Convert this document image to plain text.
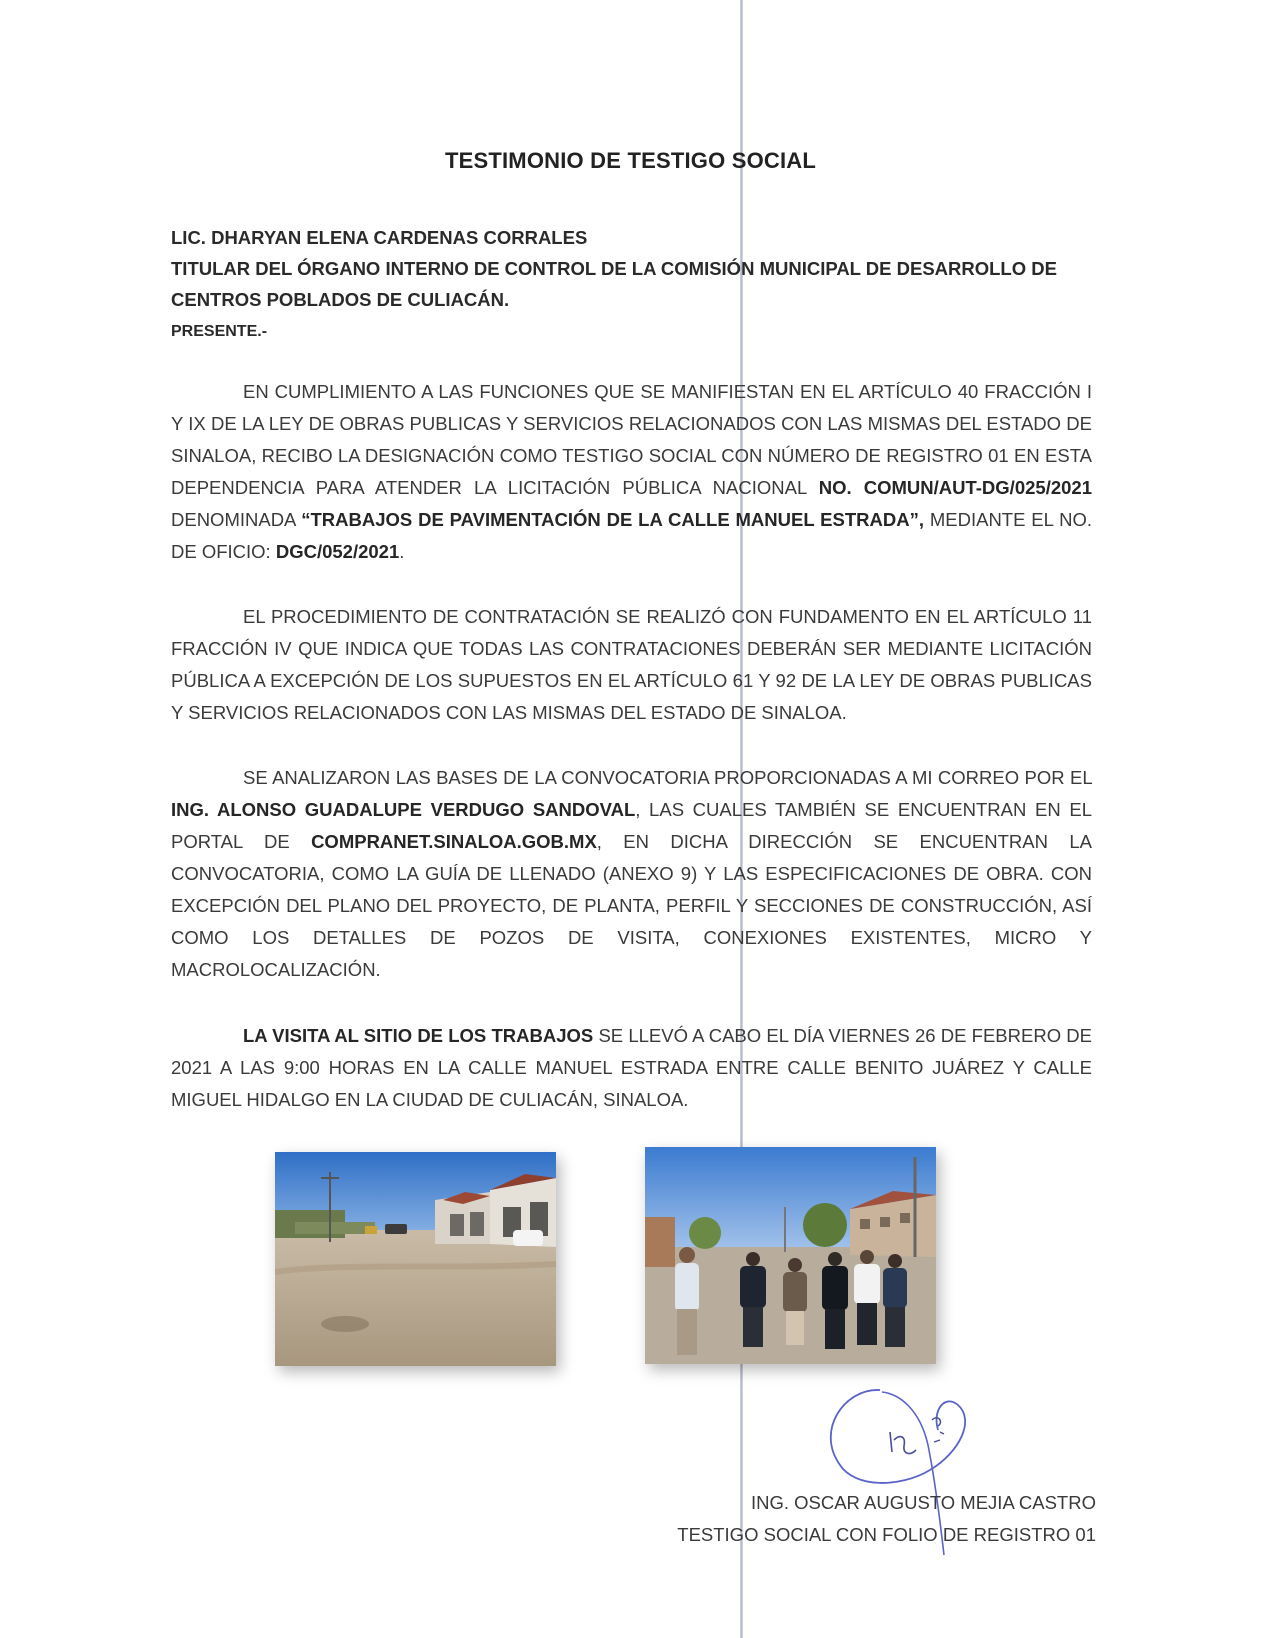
TESTIMONIO DE TESTIGO SOCIAL
LIC. DHARYAN ELENA CARDENAS CORRALES
TITULAR DEL ÓRGANO INTERNO DE CONTROL DE LA COMISIÓN MUNICIPAL DE DESARROLLO DE CENTROS POBLADOS DE CULIACÁN.
PRESENTE.-
EN CUMPLIMIENTO A LAS FUNCIONES QUE SE MANIFIESTAN EN EL ARTÍCULO 40 FRACCIÓN I Y IX DE LA LEY DE OBRAS PUBLICAS Y SERVICIOS RELACIONADOS CON LAS MISMAS DEL ESTADO DE SINALOA, RECIBO LA DESIGNACIÓN COMO TESTIGO SOCIAL CON NÚMERO DE REGISTRO 01 EN ESTA DEPENDENCIA PARA ATENDER LA LICITACIÓN PÚBLICA NACIONAL NO. COMUN/AUT-DG/025/2021 DENOMINADA “TRABAJOS DE PAVIMENTACIÓN DE LA CALLE MANUEL ESTRADA”, MEDIANTE EL NO. DE OFICIO: DGC/052/2021.
EL PROCEDIMIENTO DE CONTRATACIÓN SE REALIZÓ CON FUNDAMENTO EN EL ARTÍCULO 11 FRACCIÓN IV QUE INDICA QUE TODAS LAS CONTRATACIONES DEBERÁN SER MEDIANTE LICITACIÓN PÚBLICA A EXCEPCIÓN DE LOS SUPUESTOS EN EL ARTÍCULO 61 Y 92 DE LA LEY DE OBRAS PUBLICAS Y SERVICIOS RELACIONADOS CON LAS MISMAS DEL ESTADO DE SINALOA.
SE ANALIZARON LAS BASES DE LA CONVOCATORIA PROPORCIONADAS A MI CORREO POR EL ING. ALONSO GUADALUPE VERDUGO SANDOVAL, LAS CUALES TAMBIÉN SE ENCUENTRAN EN EL PORTAL DE COMPRANET.SINALOA.GOB.MX, EN DICHA DIRECCIÓN SE ENCUENTRAN LA CONVOCATORIA, COMO LA GUÍA DE LLENADO (ANEXO 9) Y LAS ESPECIFICACIONES DE OBRA. CON EXCEPCIÓN DEL PLANO DEL PROYECTO, DE PLANTA, PERFIL Y SECCIONES DE CONSTRUCCIÓN, ASÍ COMO LOS DETALLES DE POZOS DE VISITA, CONEXIONES EXISTENTES, MICRO Y MACROLOCALIZACIÓN.
LA VISITA AL SITIO DE LOS TRABAJOS SE LLEVÓ A CABO EL DÍA VIERNES 26 DE FEBRERO DE 2021 A LAS 9:00 HORAS EN LA CALLE MANUEL ESTRADA ENTRE CALLE BENITO JUÁREZ Y CALLE MIGUEL HIDALGO EN LA CIUDAD DE CULIACÁN, SINALOA.
ING. OSCAR AUGUSTO MEJIA CASTRO
TESTIGO SOCIAL CON FOLIO DE REGISTRO 01
